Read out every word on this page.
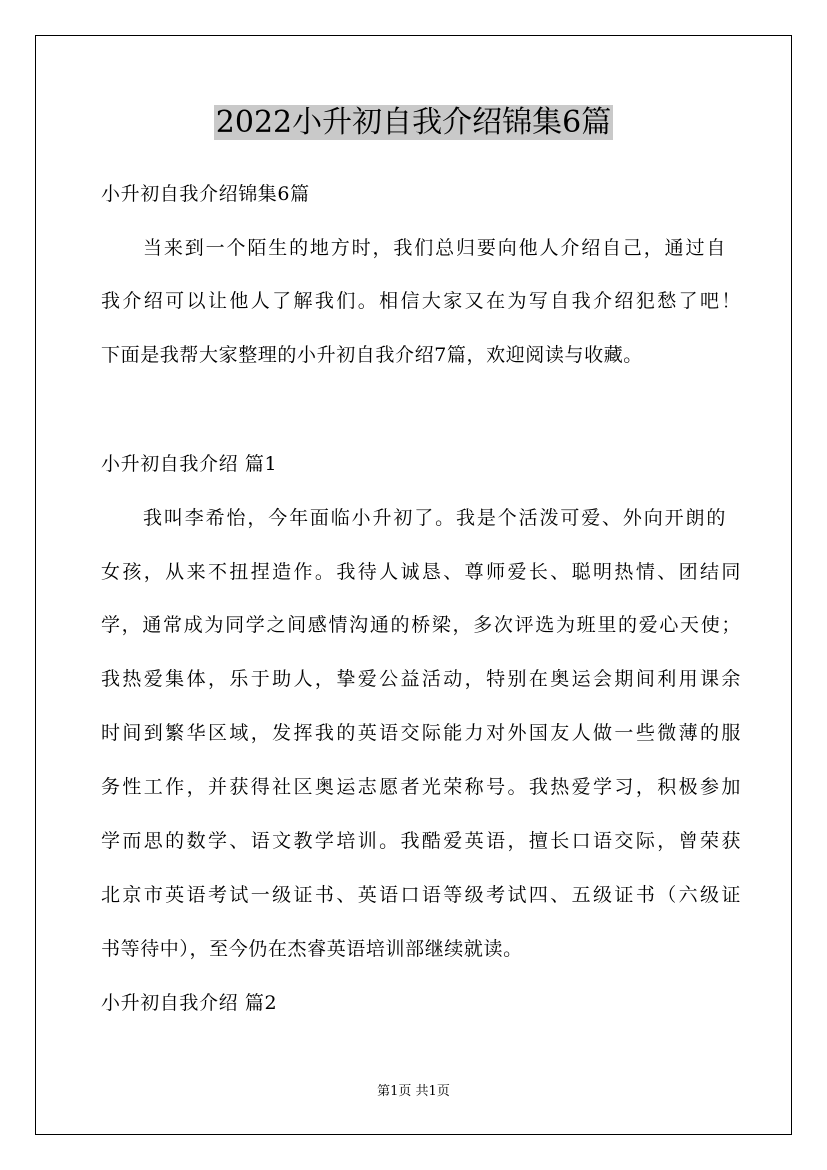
2022小升初自我介绍锦集6篇
小升初自我介绍锦集6篇
当来到一个陌生的地方时，我们总归要向他人介绍自己，通过自
我介绍可以让他人了解我们。相信大家又在为写自我介绍犯愁了吧！
下面是我帮大家整理的小升初自我介绍7篇，欢迎阅读与收藏。
小升初自我介绍 篇1
我叫李希怡，今年面临小升初了。我是个活泼可爱、外向开朗的
女孩，从来不扭捏造作。我待人诚恳、尊师爱长、聪明热情、团结同
学，通常成为同学之间感情沟通的桥梁，多次评选为班里的爱心天使；
我热爱集体，乐于助人，挚爱公益活动，特别在奥运会期间利用课余
时间到繁华区域，发挥我的英语交际能力对外国友人做一些微薄的服
务性工作，并获得社区奥运志愿者光荣称号。我热爱学习，积极参加
学而思的数学、语文教学培训。我酷爱英语，擅长口语交际，曾荣获
北京市英语考试一级证书、英语口语等级考试四、五级证书（六级证
书等待中），至今仍在杰睿英语培训部继续就读。
小升初自我介绍 篇2
第1页 共1页
